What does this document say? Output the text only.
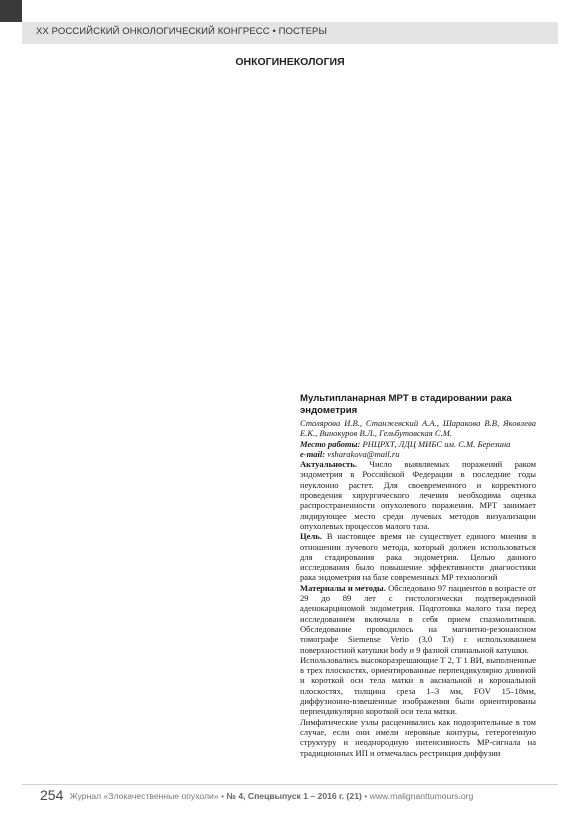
XX РОССИЙСКИЙ ОНКОЛОГИЧЕСКИЙ КОНГРЕСС • ПОСТЕРЫ
ОНКОГИНЕКОЛОГИЯ
Мультипланарная МРТ в стадировании рака эндометрия
Столярова И.В., Станжевский А.А., Шаракова В.В, Яковлева Е.К., Винокуров В.Л., Гельбутовская С.М.
Место работы: РНЦРХТ, ЛДЦ МИБС им. С.М. Березина
e-mail: vsharakova@mail.ru

Актуальность. Число выявляемых поражений раком эндометрия в Российской Федерации в последние годы неуклонно растет. Для своевременного и корректного проведения хирургического лечения необходима оценка распространенности опухолевого поражения. МРТ занимает лидирующее место среди лучевых методов визуализации опухолевых процессов малого таза.

Цель. В настоящее время не существует единого мнения в отношении лучевого метода, который должен использоваться для стадирования рака эндометрия. Целью данного исследования было повышение эффективности диагностики рака эндометрия на базе современных МР технологий

Материалы и методы. Обследовано 97 пациентов в возрасте от 29 до 89 лет с гистологически подтвержденной аденокарциномой эндометрия. Подготовка малого таза перед исследованием включала в себя прием спазмолитиков. Обследование проводилось на магнитно-резонансном томографе Siemense Verio (3,0 Тл) с использованием поверхностной катушки body и 9 фазной спинальной катушки.

Использовались высокоразрешающие Т 2, Т 1 ВИ, выполненные в трех плоскостях, ориентированные перпендикулярно длинной и короткой оси тела матки в аксиальной и корональной плоскостях, толщина среза 1–3 мм, FOV 15–18мм, диффузионно-взвешенные изображения были ориентированы перпендикулярно короткой оси тела матки.

Лимфатические узлы расценивались как подозрительные в том случае, если они имели неровные контуры, гетерогенную структуру и неоднородную интенсивность МР-сигнала на традиционных ИП и отмечалась рестрикция диффузии

254 Журнал «Злокачественные опухоли» • № 4, Спецвыпуск 1 – 2016 г. (21) • www.malignanttumours.org
